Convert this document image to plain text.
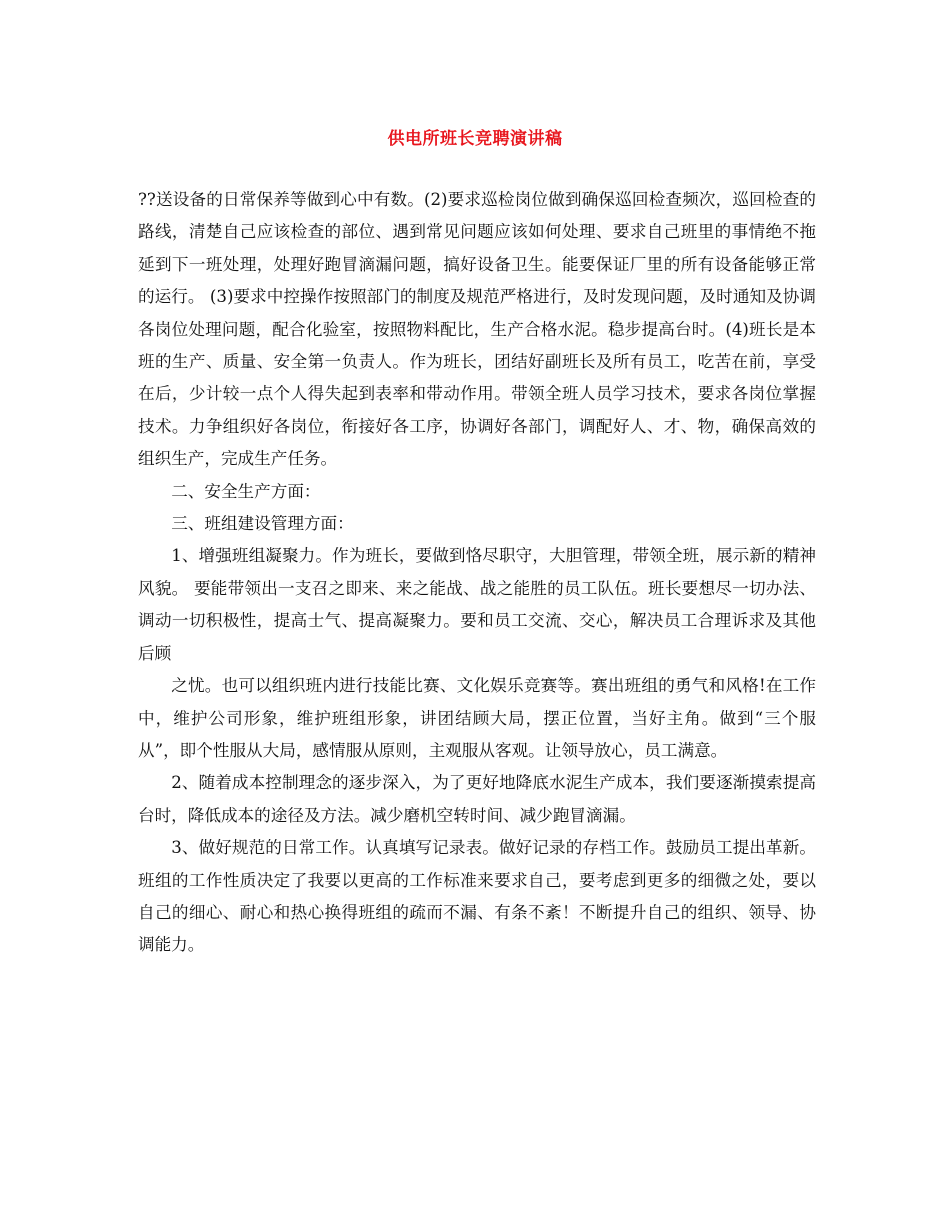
供电所班长竞聘演讲稿

??送设备的日常保养等做到心中有数。(2)要求巡检岗位做到确保巡回检查频次，巡回检查的路线，清楚自己应该检查的部位、遇到常见问题应该如何处理、要求自己班里的事情绝不拖延到下一班处理，处理好跑冒滴漏问题，搞好设备卫生。能要保证厂里的所有设备能够正常的运行。 (3)要求中控操作按照部门的制度及规范严格进行，及时发现问题，及时通知及协调各岗位处理问题，配合化验室，按照物料配比，生产合格水泥。稳步提高台时。(4)班长是本班的生产、质量、安全第一负责人。作为班长，团结好副班长及所有员工，吃苦在前，享受在后，少计较一点个人得失起到表率和带动作用。带领全班人员学习技术，要求各岗位掌握技术。力争组织好各岗位，衔接好各工序，协调好各部门，调配好人、才、物，确保高效的组织生产，完成生产任务。

二、安全生产方面：

三、班组建设管理方面：

1、增强班组凝聚力。作为班长，要做到恪尽职守，大胆管理，带领全班，展示新的精神风貌。 要能带领出一支召之即来、来之能战、战之能胜的员工队伍。班长要想尽一切办法、调动一切积极性，提高士气、提高凝聚力。要和员工交流、交心，解决员工合理诉求及其他后顾

之忧。也可以组织班内进行技能比赛、文化娱乐竞赛等。赛出班组的勇气和风格!在工作中，维护公司形象，维护班组形象，讲团结顾大局，摆正位置，当好主角。做到“三个服从”，即个性服从大局，感情服从原则，主观服从客观。让领导放心，员工满意。

2、随着成本控制理念的逐步深入，为了更好地降底水泥生产成本，我们要逐渐摸索提高台时，降低成本的途径及方法。减少磨机空转时间、减少跑冒滴漏。

3、做好规范的日常工作。认真填写记录表。做好记录的存档工作。鼓励员工提出革新。班组的工作性质决定了我要以更高的工作标准来要求自己，要考虑到更多的细微之处，要以自己的细心、耐心和热心换得班组的疏而不漏、有条不紊！不断提升自己的组织、领导、协调能力。
